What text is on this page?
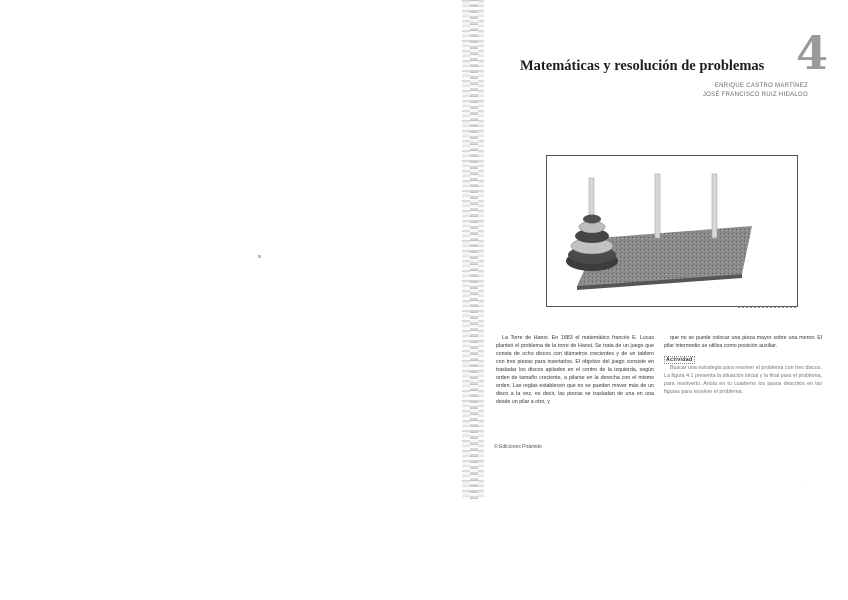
Matemáticas y resolución de problemas 4
ENRIQUE CASTRO MARTÍNEZ
JOSÉ FRANCISCO RUIZ HIDALGO

La Torre de Hanoi. En 1883 el matemático francés E. Lucas planteó el problema de la torre de Hanoi. Se trata de un juego que consta de ocho discos con diámetros crecientes y de un tablero con tres piezas para insertarlos. El objetivo del juego consiste en trasladar los discos apilados en el centro de la izquierda, según orden de tamaño creciente, a pilarse en la derecha con el mismo orden. Las reglas establecen que no se pueden mover más de un disco a la vez, es decir, las piezas se trasladan de una en una desde un pilar a otro, y

que no se puede colocar una pieza mayor sobre una menor. El pilar intermedio se utiliza como posición auxiliar.

Actividad

Buscar una estrategia para resolver el problema con tres discos. La figura 4.1 presenta la situación inicial y la final para el problema, para resolverlo. Anota en tu cuaderno los pasos descritos en las figuras para resolver el problema.

© Ediciones Pirámide
·
